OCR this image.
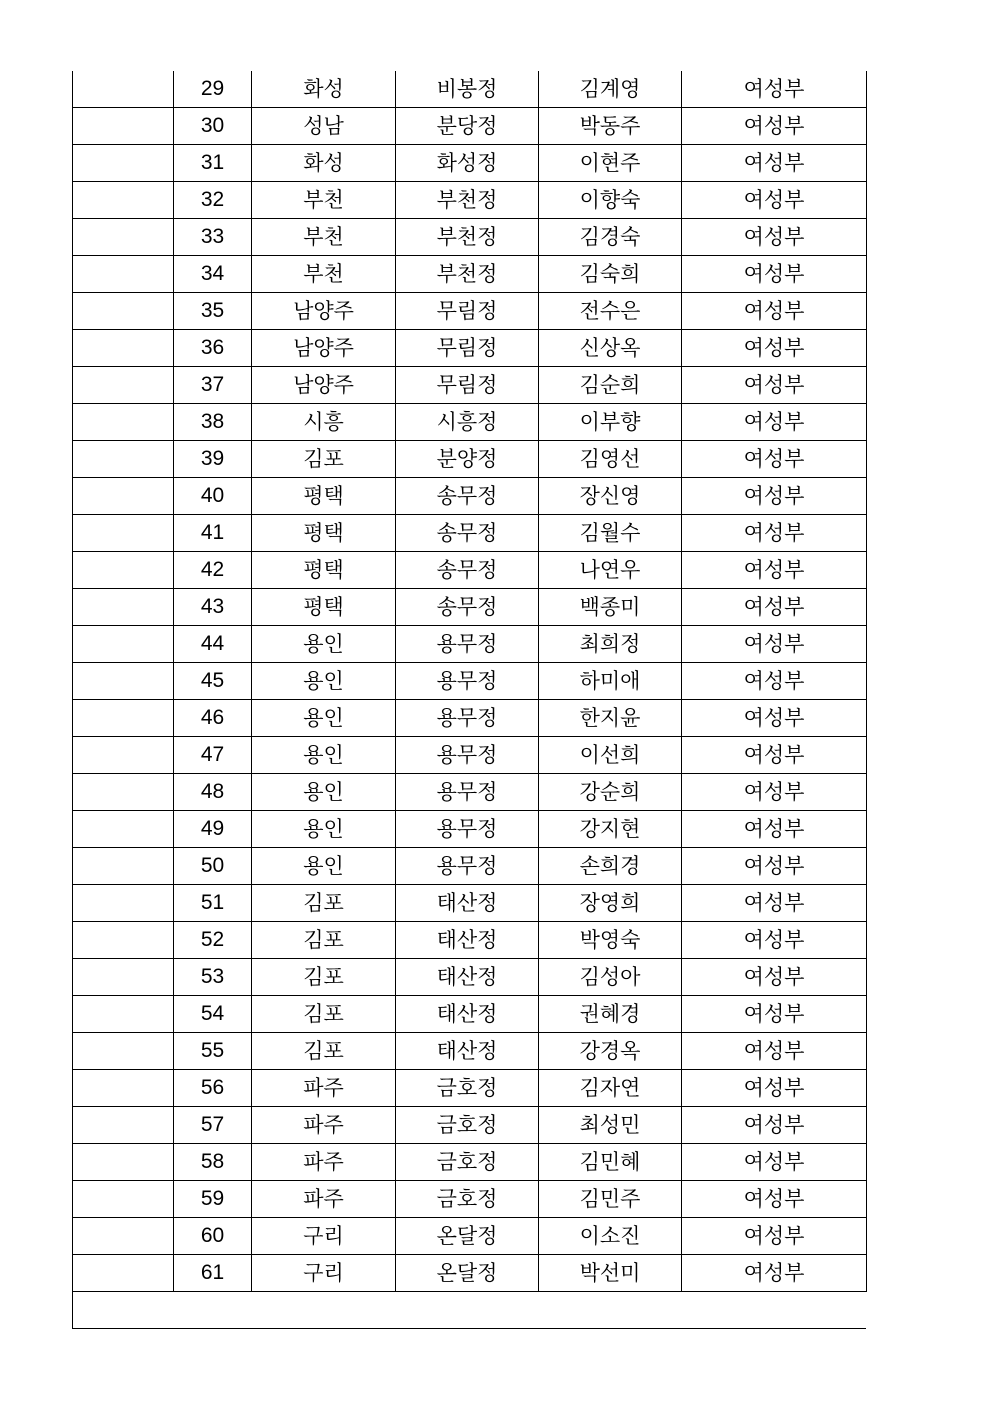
	29	화성	비봉정	김계영	여성부
	30	성남	분당정	박동주	여성부
	31	화성	화성정	이현주	여성부
	32	부천	부천정	이향숙	여성부
	33	부천	부천정	김경숙	여성부
	34	부천	부천정	김숙희	여성부
	35	남양주	무림정	전수은	여성부
	36	남양주	무림정	신상옥	여성부
	37	남양주	무림정	김순희	여성부
	38	시흥	시흥정	이부향	여성부
	39	김포	분양정	김영선	여성부
	40	평택	송무정	장신영	여성부
	41	평택	송무정	김월수	여성부
	42	평택	송무정	나연우	여성부
	43	평택	송무정	백종미	여성부
	44	용인	용무정	최희정	여성부
	45	용인	용무정	하미애	여성부
	46	용인	용무정	한지윤	여성부
	47	용인	용무정	이선희	여성부
	48	용인	용무정	강순희	여성부
	49	용인	용무정	강지현	여성부
	50	용인	용무정	손희경	여성부
	51	김포	태산정	장영희	여성부
	52	김포	태산정	박영숙	여성부
	53	김포	태산정	김성아	여성부
	54	김포	태산정	권혜경	여성부
	55	김포	태산정	강경옥	여성부
	56	파주	금호정	김자연	여성부
	57	파주	금호정	최성민	여성부
	58	파주	금호정	김민혜	여성부
	59	파주	금호정	김민주	여성부
	60	구리	온달정	이소진	여성부
	61	구리	온달정	박선미	여성부
